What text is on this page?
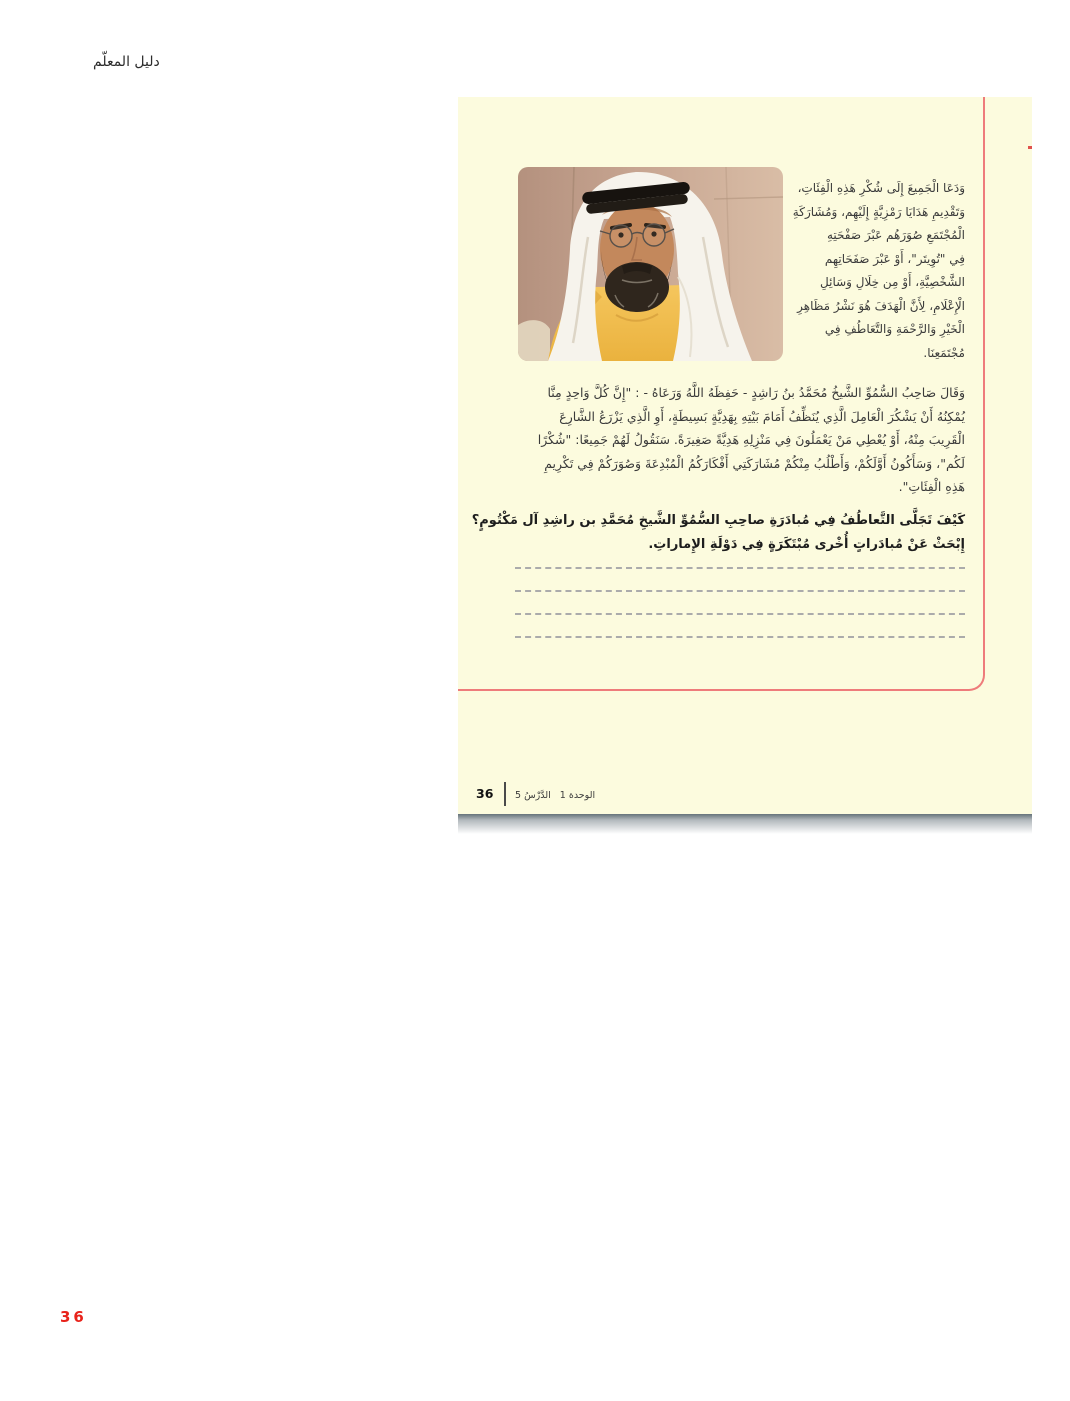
دليل المعلّم
وَدَعَا الْجَمِيعَ إِلَى شُكْرِ هَذِهِ الْفِئَاتِ،
وَتَقْدِيمِ هَدَايَا رَمْزِيَّةٍ إِلَيْهِم، وَمُشَارَكَةِ
الْمُجْتَمَعِ صُوَرَهُم عَبْرَ صَفْحَتِهِ
فِي "تُوِيتَر"، أَوْ عَبْرَ صَفَحَاتِهِم
الشَّخْصِيَّةِ، أَوْ مِن خِلَالِ وَسَائِلِ
الْإِعْلَامِ، لِأَنَّ الْهَدَفَ هُوَ نَشْرُ مَظَاهِرِ
الْخَيْرِ وَالرَّحْمَةِ وَالتَّعَاطُفِ فِي
مُجْتَمَعِنَا.
وَقَالَ صَاحِبُ السُّمُوِّ الشَّيخُ مُحَمَّدُ بنُ رَاشِدٍ - حَفِظَهُ اللَّهُ وَرَعَاهُ - : "إِنَّ كُلَّ وَاحِدٍ مِنَّا
يُمْكِنُهُ أَنْ يَشْكُرَ الْعَامِلَ الَّذِي يُنَظِّفُ أَمَامَ بَيْتِهِ بِهَدِيَّةٍ بَسِيطَةٍ، أَوِ الَّذِي يَزْرَعُ الشَّارِعَ
الْقَرِيبَ مِنْهُ، أَوْ يُعْطِي مَنْ يَعْمَلُونَ فِي مَنْزِلِهِ هَدِيَّةً صَغِيرَةً. سَنَقُولُ لَهُمْ جَمِيعًا: "شُكْرًا
لَكُم"، وَسَأَكُونُ أَوَّلَكُمْ، وَأَطْلُبُ مِنْكُمْ مُشَارَكَتِي أَفْكَارَكُمُ الْمُبْدِعَةَ وَصُوَرَكُمْ فِي تَكْرِيمِ
هَذِهِ الْفِئَاتِ".
كَيْفَ تَجَلَّى التَّعاطُفُ فِي مُبادَرَةِ صاحِبِ السُّمُوِّ الشَّيخِ مُحَمَّدِ بن راشِدِ آل مَكْتُومٍ؟
إِبْحَثْ عَنْ مُبادَراتٍ أُخْرى مُبْتَكَرَةٍ فِي دَوْلَةِ الإِماراتِ.
36	الوحدة 1
الدَّرْسُ 5
36
